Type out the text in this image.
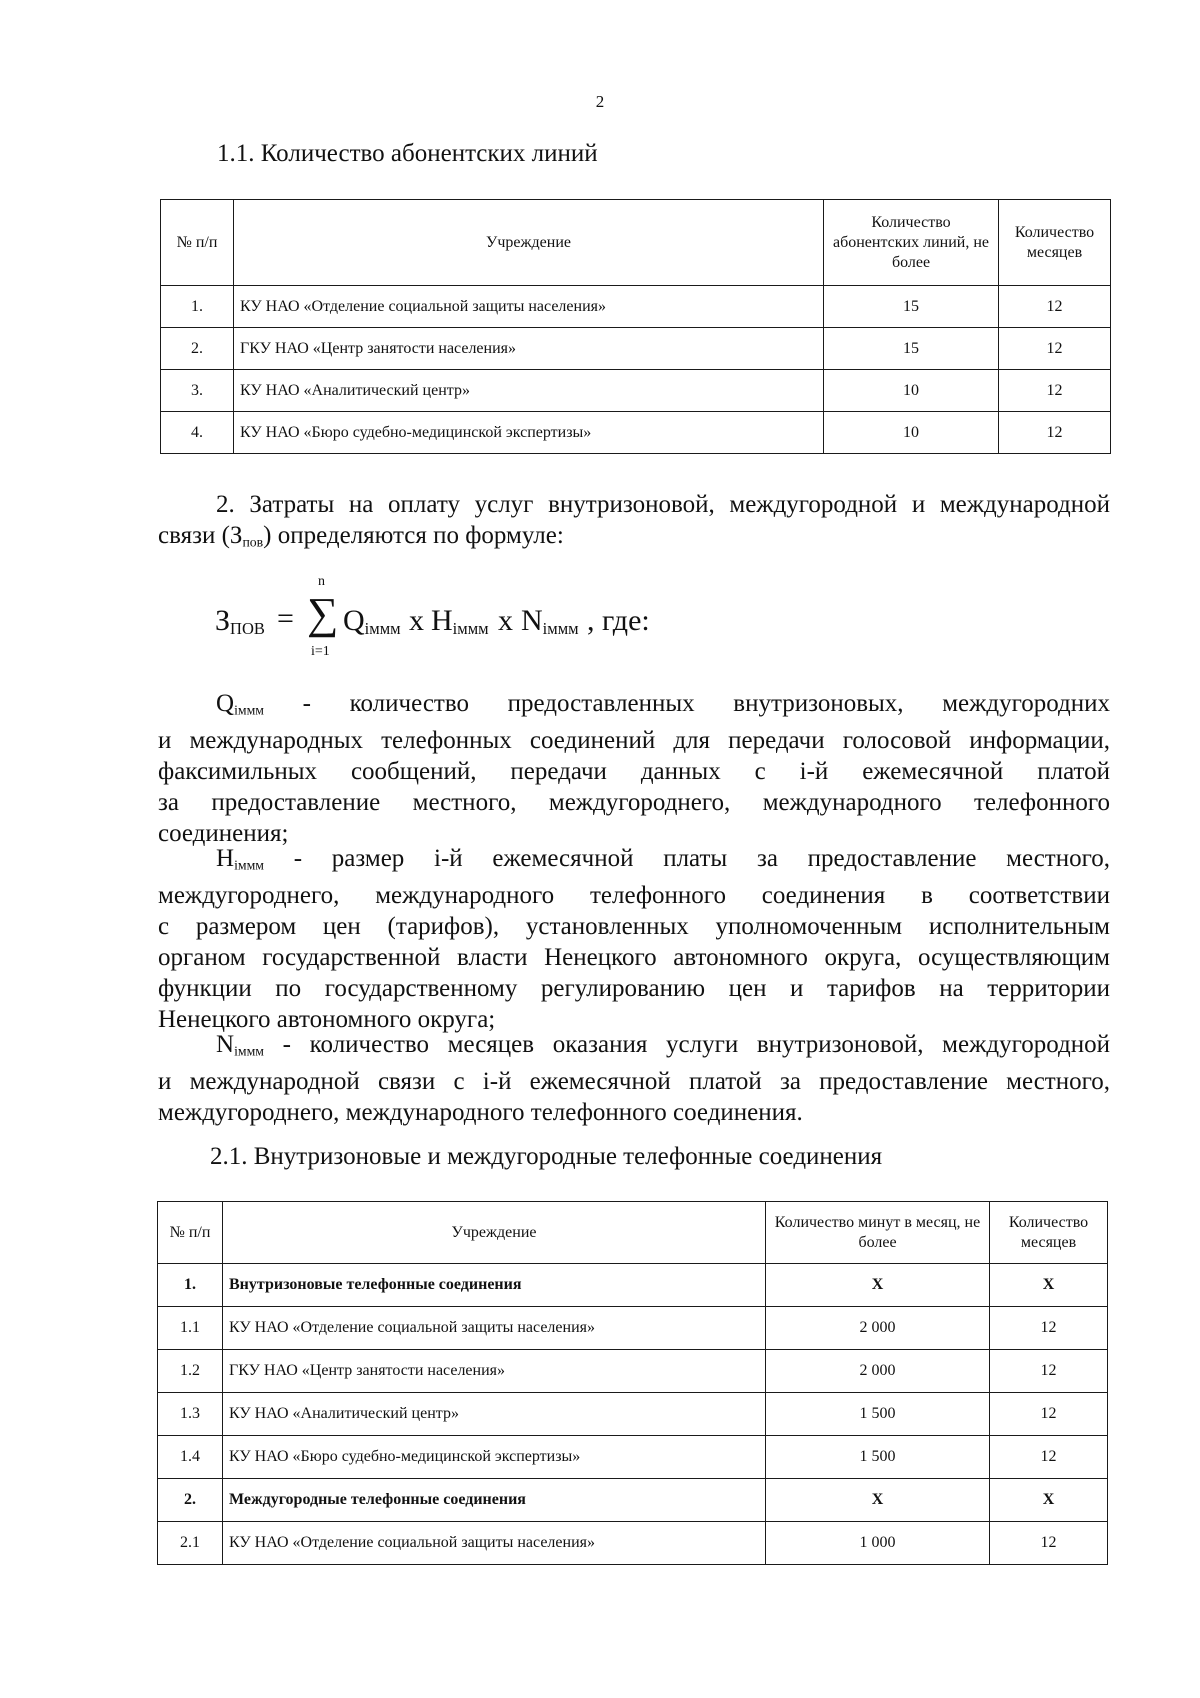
2
1.1. Количество абонентских линий
№ п/п	Учреждение	Количество абонентских линий, не более	Количество месяцев
1.	КУ НАО «Отделение социальной защиты населения»	15	12
2.	ГКУ НАО «Центр занятости населения»	15	12
3.	КУ НАО «Аналитический центр»	10	12
4.	КУ НАО «Бюро судебно-медицинской экспертизы»	10	12
2. Затраты на оплату услуг внутризоновой, междугородной и международной
связи $(З_{пов})$ определяются по формуле:
$З_{ПОВ}$ =
n
∑
i=1
$Q_{iммм}$ x $H_{iммм}$ x $N_{iммм}$ , где:
$Q_{iммм}$ - количество предоставленных внутризоновых, междугородних
и международных телефонных соединений для передачи голосовой информации,
факсимильных сообщений, передачи данных с i-й ежемесячной платой
за предоставление местного, междугороднего, международного телефонного
соединения;
$H_{iммм}$ - размер i-й ежемесячной платы за предоставление местного,
междугороднего, международного телефонного соединения в соответствии
с размером цен (тарифов), установленных уполномоченным исполнительным
органом государственной власти Ненецкого автономного округа, осуществляющим
функции по государственному регулированию цен и тарифов на территории
Ненецкого автономного округа;
$N_{iммм}$ - количество месяцев оказания услуги внутризоновой, междугородной
и международной связи с i-й ежемесячной платой за предоставление местного,
междугороднего, международного телефонного соединения.
2.1. Внутризоновые и междугородные телефонные соединения
№ п/п	Учреждение	Количество минут в месяц, не более	Количество месяцев
1.	Внутризоновые телефонные соединения	Х	Х
1.1	КУ НАО «Отделение социальной защиты населения»	2 000	12
1.2	ГКУ НАО «Центр занятости населения»	2 000	12
1.3	КУ НАО «Аналитический центр»	1 500	12
1.4	КУ НАО «Бюро судебно-медицинской экспертизы»	1 500	12
2.	Междугородные телефонные соединения	Х	Х
2.1	КУ НАО «Отделение социальной защиты населения»	1 000	12
